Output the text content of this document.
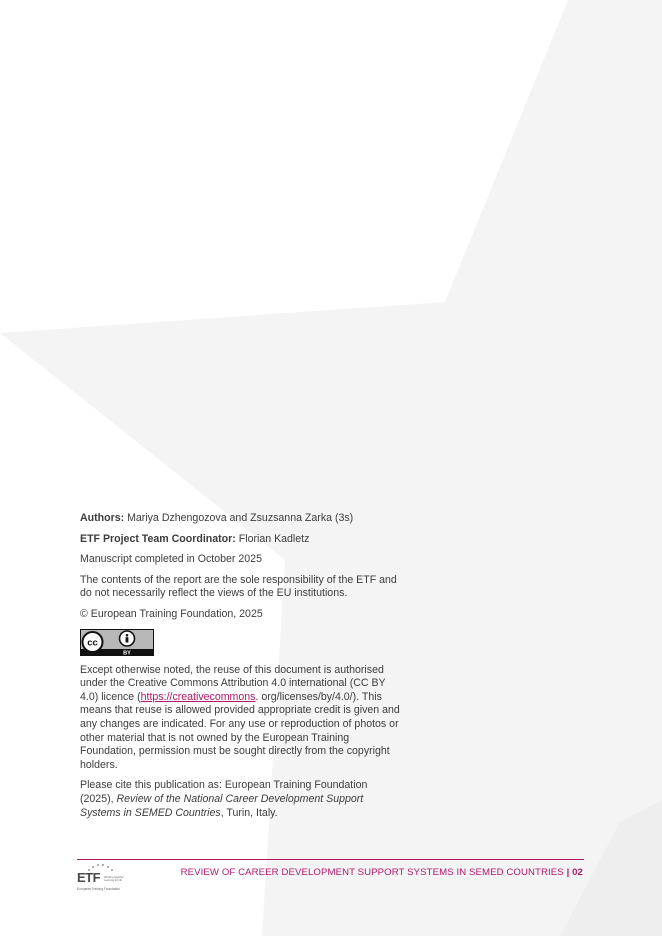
Authors: Mariya Dzhengozova and Zsuzsanna Zarka (3s)

ETF Project Team Coordinator: Florian Kadletz

Manuscript completed in October 2025

The contents of the report are the sole responsibility of the ETF and do not necessarily reflect the views of the EU institutions.

© European Training Foundation, 2025

cc
BY

Except otherwise noted, the reuse of this document is authorised under the Creative Commons Attribution 4.0 international (CC BY 4.0) licence (https://creativecommons. org/licenses/by/4.0/). This means that reuse is allowed provided appropriate credit is given and any changes are indicated. For any use or reproduction of photos or other material that is not owned by the European Training Foundation, permission must be sought directly from the copyright holders.

Please cite this publication as: European Training Foundation (2025), Review of the National Career Development Support Systems in SEMED Countries, Turin, Italy.

ETF Working together
Learning for life
European Training Foundation
REVIEW OF CAREER DEVELOPMENT SUPPORT SYSTEMS IN SEMED COUNTRIES | 02
